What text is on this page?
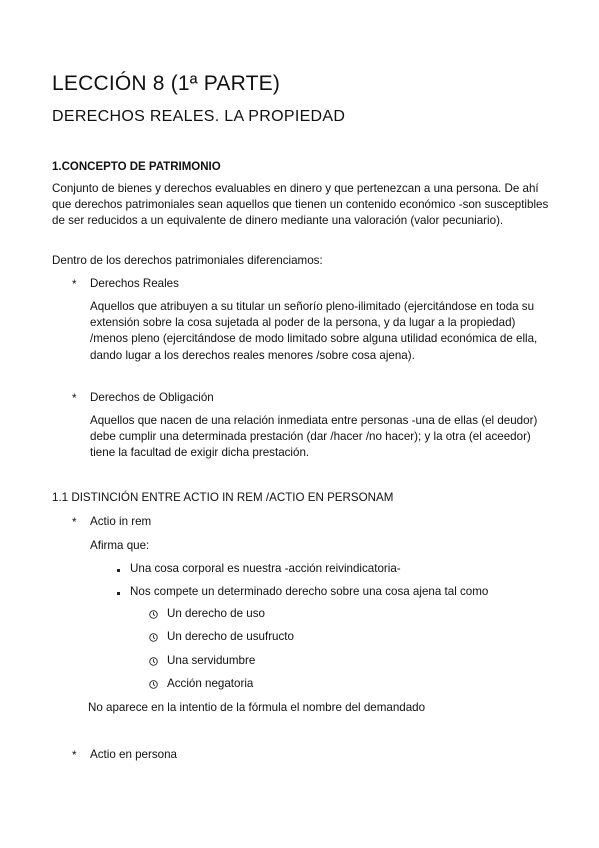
LECCIÓN 8 (1ª PARTE)
DERECHOS REALES. LA PROPIEDAD
1.CONCEPTO DE PATRIMONIO
Conjunto de bienes y derechos evaluables en dinero y que pertenezcan a una persona. De ahí que derechos patrimoniales sean aquellos que tienen un contenido económico -son susceptibles de ser reducidos a un equivalente de dinero mediante una valoración (valor pecuniario).
Dentro de los derechos patrimoniales diferenciamos:
* Derechos Reales
Aquellos que atribuyen a su titular un señorío pleno-ilimitado (ejercitándose en toda su extensión sobre la cosa sujetada al poder de la persona, y da lugar a la propiedad) /menos pleno (ejercitándose de modo limitado sobre alguna utilidad económica de ella, dando lugar a los derechos reales menores /sobre cosa ajena).
* Derechos de Obligación
Aquellos que nacen de una relación inmediata entre personas -una de ellas (el deudor) debe cumplir una determinada prestación (dar /hacer /no hacer); y la otra (el aceedor) tiene la facultad de exigir dicha prestación.
1.1 DISTINCIÓN ENTRE ACTIO IN REM /ACTIO EN PERSONAM
* Actio in rem
Afirma que:
Una cosa corporal es nuestra -acción reivindicatoria-
Nos compete un determinado derecho sobre una cosa ajena tal como
Un derecho de uso
Un derecho de usufructo
Una servidumbre
Acción negatoria
No aparece en la intentio de la fórmula el nombre del demandado
* Actio en persona
